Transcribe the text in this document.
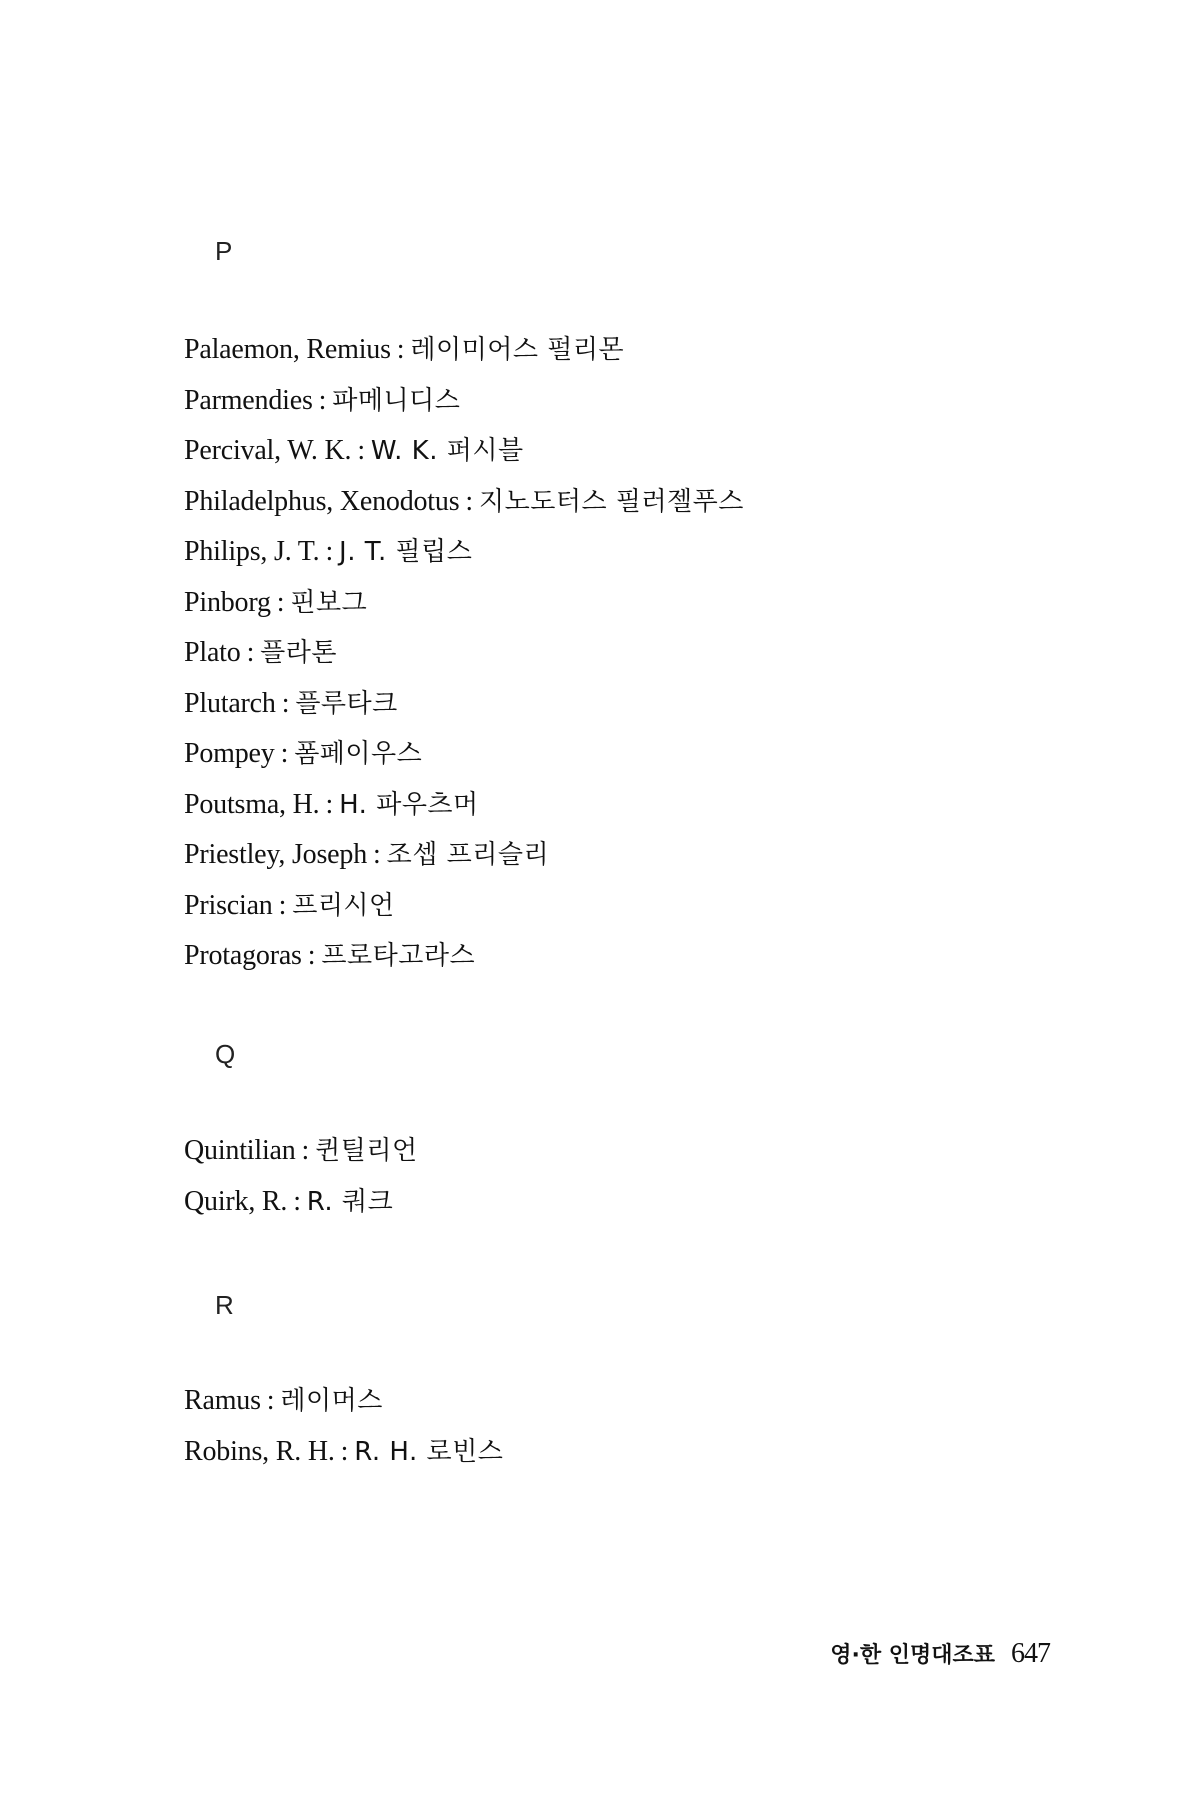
P
Palaemon, Remius : 레이미어스 펄리몬
Parmendies : 파메니디스
Percival, W. K. : W. K. 퍼시블
Philadelphus, Xenodotus : 지노도터스 필러젤푸스
Philips, J. T. : J. T. 필립스
Pinborg : 핀보그
Plato : 플라톤
Plutarch : 플루타크
Pompey : 폼페이우스
Poutsma, H. : H. 파우츠머
Priestley, Joseph : 조셉 프리슬리
Priscian : 프리시언
Protagoras : 프로타고라스
Q
Quintilian : 퀸틸리언
Quirk, R. : R. 쿼크
R
Ramus : 레이머스
Robins, R. H. : R. H. 로빈스
영·한 인명대조표 647
